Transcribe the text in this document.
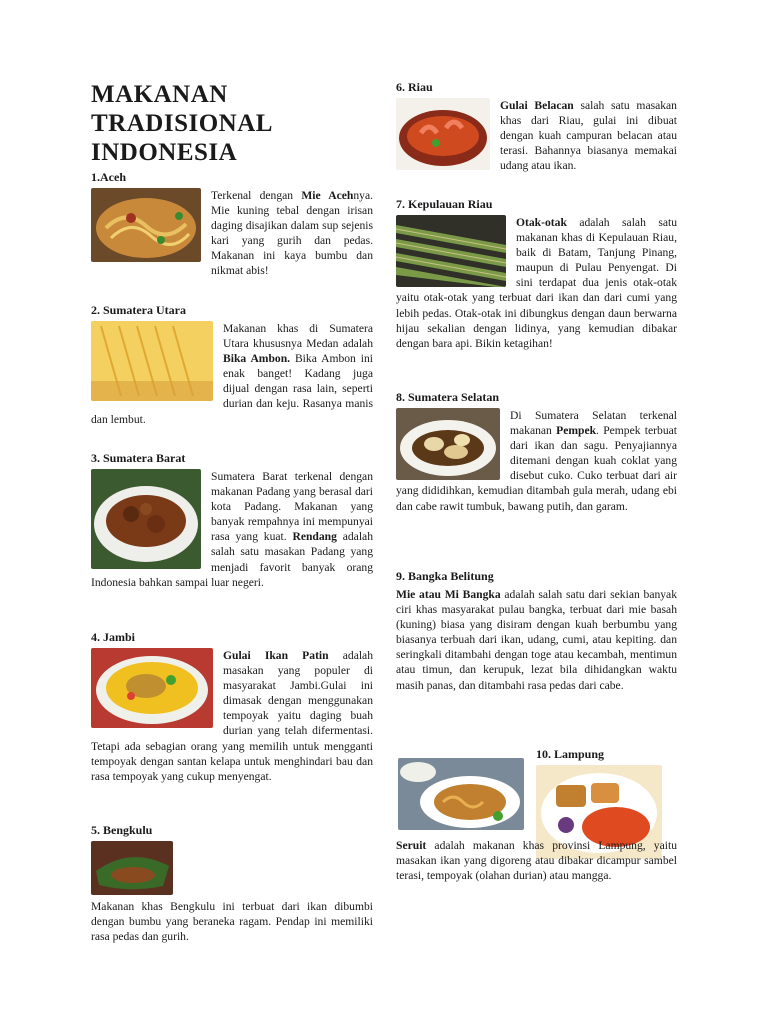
MAKANAN TRADISIONAL INDONESIA
1.Aceh
Terkenal dengan Mie Acehnya. Mie kuning tebal dengan irisan daging disajikan dalam sup sejenis kari yang gurih dan pedas. Makanan ini kaya bumbu dan nikmat abis!
2. Sumatera Utara
Makanan khas di Sumatera Utara khususnya Medan adalah Bika Ambon. Bika Ambon ini enak banget! Kadang juga dijual dengan rasa lain, seperti durian dan keju. Rasanya manis dan lembut.
3. Sumatera Barat
Sumatera Barat terkenal dengan makanan Padang yang berasal dari kota Padang. Makanan yang banyak rempahnya ini mempunyai rasa yang kuat. Rendang adalah salah satu masakan Padang yang menjadi favorit banyak orang Indonesia bahkan sampai luar negeri.
4. Jambi
Gulai Ikan Patin adalah masakan yang populer di masyarakat Jambi.Gulai ini dimasak dengan menggunakan tempoyak yaitu daging buah durian yang telah difermentasi. Tetapi ada sebagian orang yang memilih untuk mengganti tempoyak dengan santan kelapa untuk menghindari bau dan rasa tempoyak yang cukup menyengat.
5. Bengkulu
Makanan khas Bengkulu ini terbuat dari ikan dibumbi dengan bumbu yang beraneka ragam. Pendap ini memiliki rasa pedas dan gurih.
6. Riau
Gulai Belacan salah satu masakan khas dari Riau, gulai ini dibuat dengan kuah campuran belacan atau terasi. Bahannya biasanya memakai udang atau ikan.
7. Kepulauan Riau
Otak-otak adalah salah satu makanan khas di Kepulauan Riau, baik di Batam, Tanjung Pinang, maupun di Pulau Penyengat. Di sini terdapat dua jenis otak-otak yaitu otak-otak yang terbuat dari ikan dan dari cumi yang lebih pedas. Otak-otak ini dibungkus dengan daun berwarna hijau sekalian dengan lidinya, yang kemudian dibakar dengan bara api. Bikin ketagihan!
8. Sumatera Selatan
Di Sumatera Selatan terkenal makanan Pempek. Pempek terbuat dari ikan dan sagu. Penyajiannya ditemani dengan kuah coklat yang disebut cuko. Cuko terbuat dari air yang dididihkan, kemudian ditambah gula merah, udang ebi dan cabe rawit tumbuk, bawang putih, dan garam.
9. Bangka Belitung
Mie atau Mi Bangka adalah salah satu dari sekian banyak ciri khas masyarakat pulau bangka, terbuat dari mie basah (kuning) biasa yang disiram dengan kuah berbumbu yang biasanya terbuah dari ikan, udang, cumi, atau kepiting. dan seringkali ditambahi dengan toge atau kecambah, mentimun atau timun, dan kerupuk, lezat bila dihidangkan waktu masih panas, dan ditambahi rasa pedas dari cabe.
10. Lampung
Seruit adalah makanan khas provinsi Lampung, yaitu masakan ikan yang digoreng atau dibakar dicampur sambel terasi, tempoyak (olahan durian) atau mangga.
